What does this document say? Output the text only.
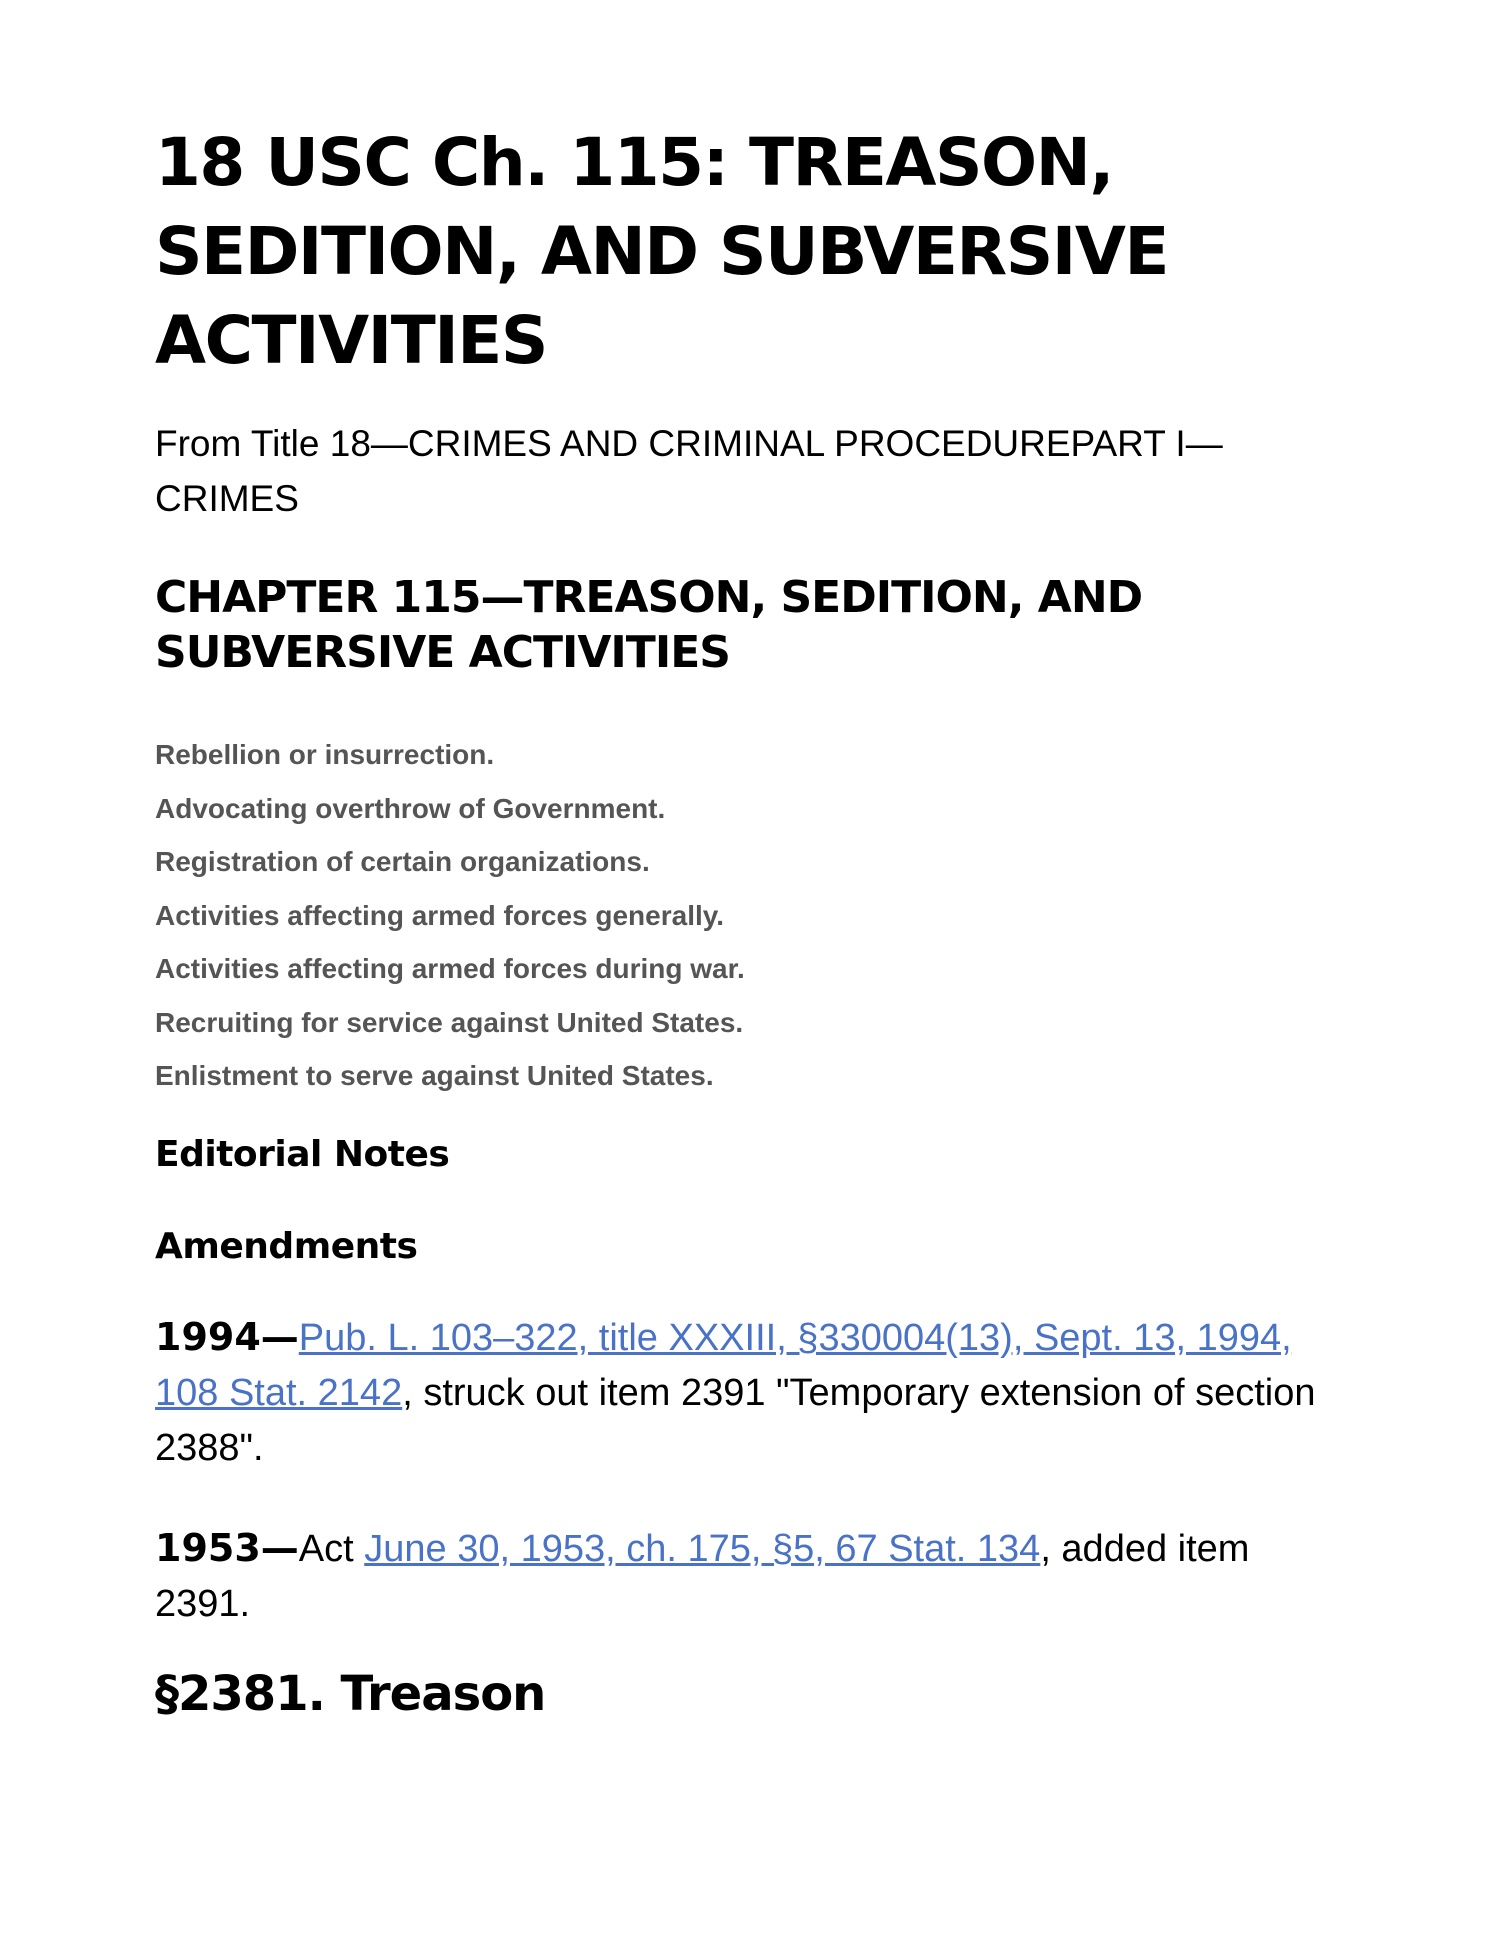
18 USC Ch. 115: TREASON, SEDITION, AND SUBVERSIVE ACTIVITIES

From Title 18—CRIMES AND CRIMINAL PROCEDUREPART I—CRIMES

CHAPTER 115—TREASON, SEDITION, AND SUBVERSIVE ACTIVITIES
Rebellion or insurrection.
Advocating overthrow of Government.
Registration of certain organizations.
Activities affecting armed forces generally.
Activities affecting armed forces during war.
Recruiting for service against United States.
Enlistment to serve against United States.
Editorial Notes
Amendments

1994—Pub. L. 103–322, title XXXIII, §330004(13), Sept. 13, 1994, 108 Stat. 2142, struck out item 2391 "Temporary extension of section 2388".

1953—Act June 30, 1953, ch. 175, §5, 67 Stat. 134, added item 2391.

§2381. Treason
